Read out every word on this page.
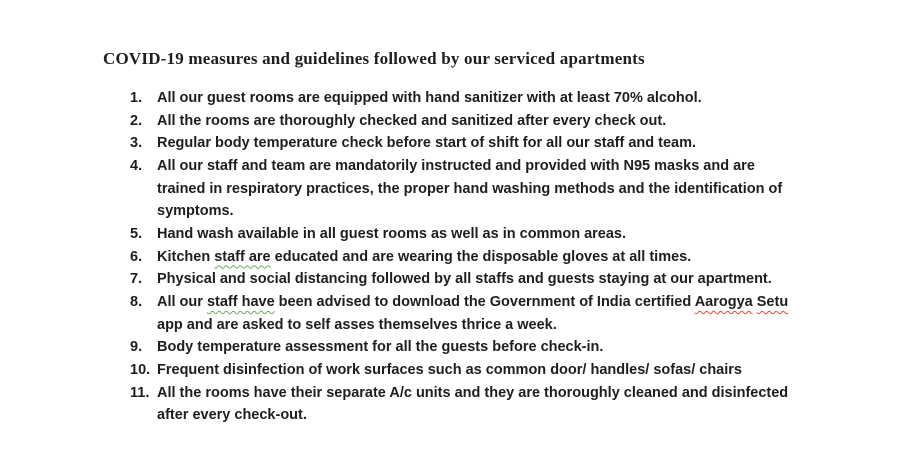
COVID-19 measures and guidelines followed by our serviced apartments
1.	All our guest rooms are equipped with hand sanitizer with at least 70% alcohol.
2.	All the rooms are thoroughly checked and sanitized after every check out.
3.	Regular body temperature check before start of shift for all our staff and team.
4.	All our staff and team are mandatorily instructed and provided with N95 masks and are trained in respiratory practices, the proper hand washing methods and the identification of symptoms.
5.	Hand wash available in all guest rooms as well as in common areas.
6.	Kitchen staff are educated and are wearing the disposable gloves at all times.
7.	Physical and social distancing followed by all staffs and guests staying at our apartment.
8.	All our staff have been advised to download the Government of India certified Aarogya Setu app and are asked to self asses themselves thrice a week.
9.	Body temperature assessment for all the guests before check-in.
10. Frequent disinfection of work surfaces such as common door/ handles/ sofas/ chairs
11. All the rooms have their separate A/c units and they are thoroughly cleaned and disinfected after every check-out.
